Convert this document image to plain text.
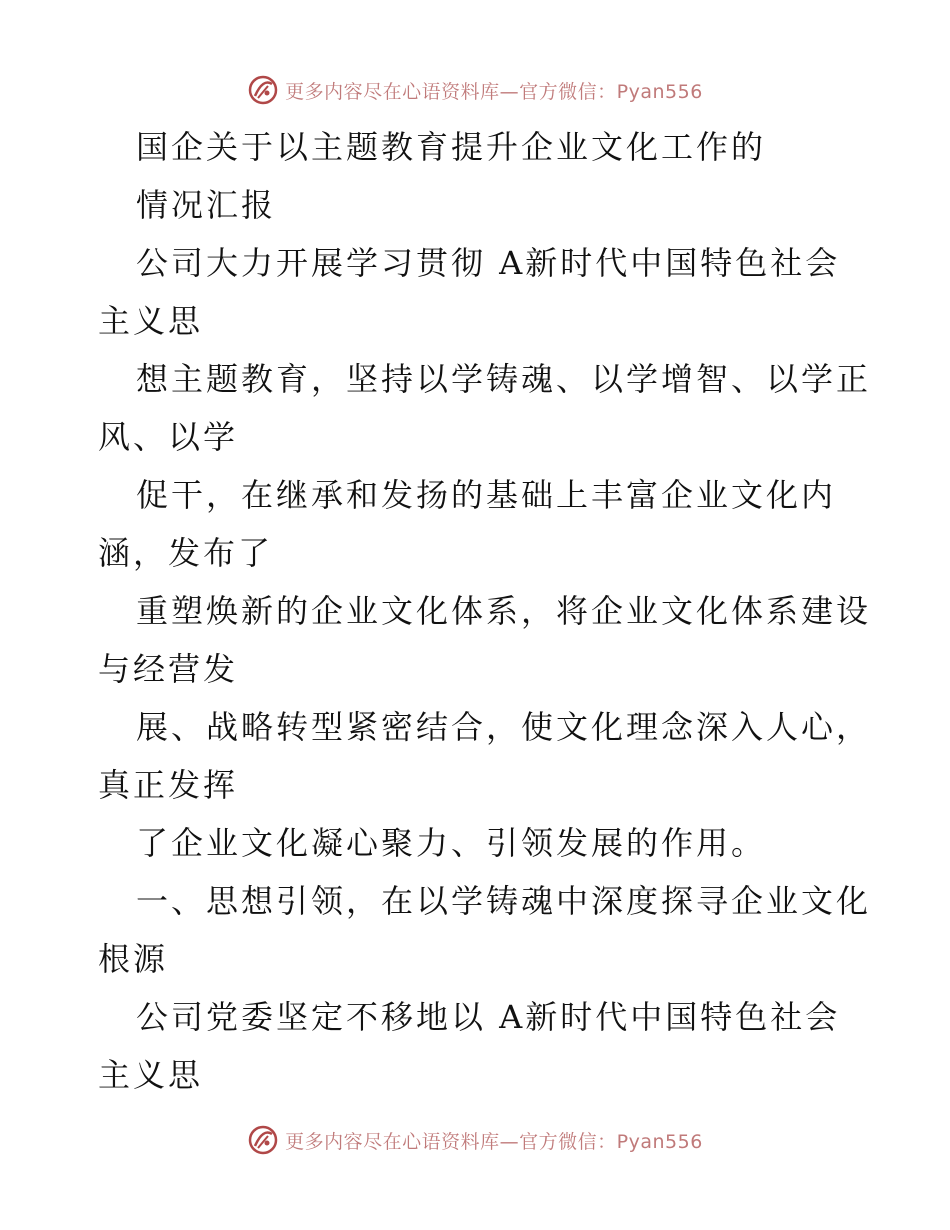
更多内容尽在心语资料库—官方微信：Pyan556
国企关于以主题教育提升企业文化工作的
情况汇报
公司大力开展学习贯彻 A新时代中国特色社会
主义思
想主题教育，坚持以学铸魂、以学增智、以学正
风、以学
促干，在继承和发扬的基础上丰富企业文化内
涵，发布了
重塑焕新的企业文化体系，将企业文化体系建设
与经营发
展、战略转型紧密结合，使文化理念深入人心，
真正发挥
了企业文化凝心聚力、引领发展的作用。
一、思想引领，在以学铸魂中深度探寻企业文化
根源
公司党委坚定不移地以 A新时代中国特色社会
主义思
更多内容尽在心语资料库—官方微信：Pyan556
